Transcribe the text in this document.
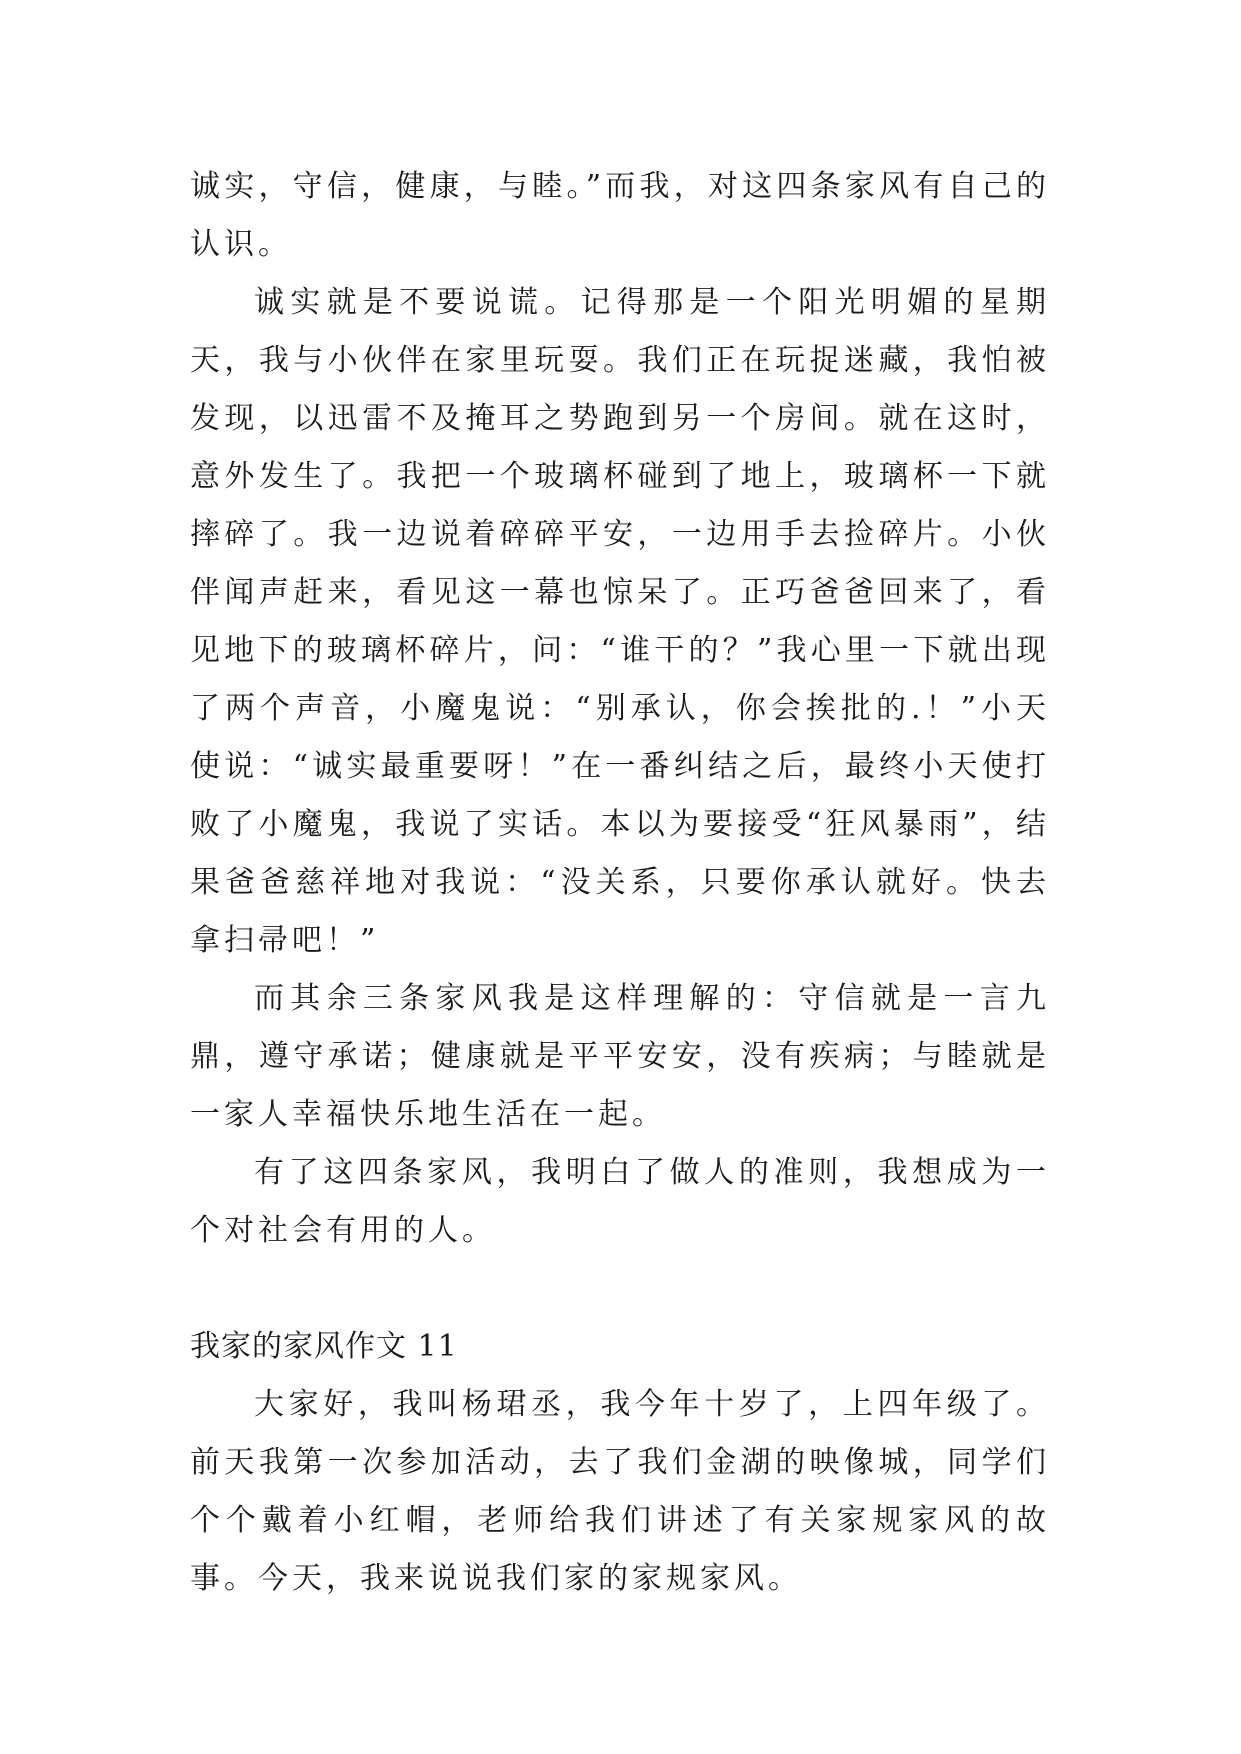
诚实，守信，健康，与睦。”而我，对这四条家风有自己的认识。

诚实就是不要说谎。记得那是一个阳光明媚的星期天，我与小伙伴在家里玩耍。我们正在玩捉迷藏，我怕被发现，以迅雷不及掩耳之势跑到另一个房间。就在这时，意外发生了。我把一个玻璃杯碰到了地上，玻璃杯一下就摔碎了。我一边说着碎碎平安，一边用手去捡碎片。小伙伴闻声赶来，看见这一幕也惊呆了。正巧爸爸回来了，看见地下的玻璃杯碎片，问：“谁干的？”我心里一下就出现了两个声音，小魔鬼说：“别承认，你会挨批的.！”小天使说：“诚实最重要呀！”在一番纠结之后，最终小天使打败了小魔鬼，我说了实话。本以为要接受“狂风暴雨”，结果爸爸慈祥地对我说：“没关系，只要你承认就好。快去拿扫帚吧！”

而其余三条家风我是这样理解的：守信就是一言九鼎，遵守承诺；健康就是平平安安，没有疾病；与睦就是一家人幸福快乐地生活在一起。

有了这四条家风，我明白了做人的准则，我想成为一个对社会有用的人。

我家的家风作文 11

大家好，我叫杨珺丞，我今年十岁了，上四年级了。前天我第一次参加活动，去了我们金湖的映像城，同学们个个戴着小红帽，老师给我们讲述了有关家规家风的故事。今天，我来说说我们家的家规家风。
